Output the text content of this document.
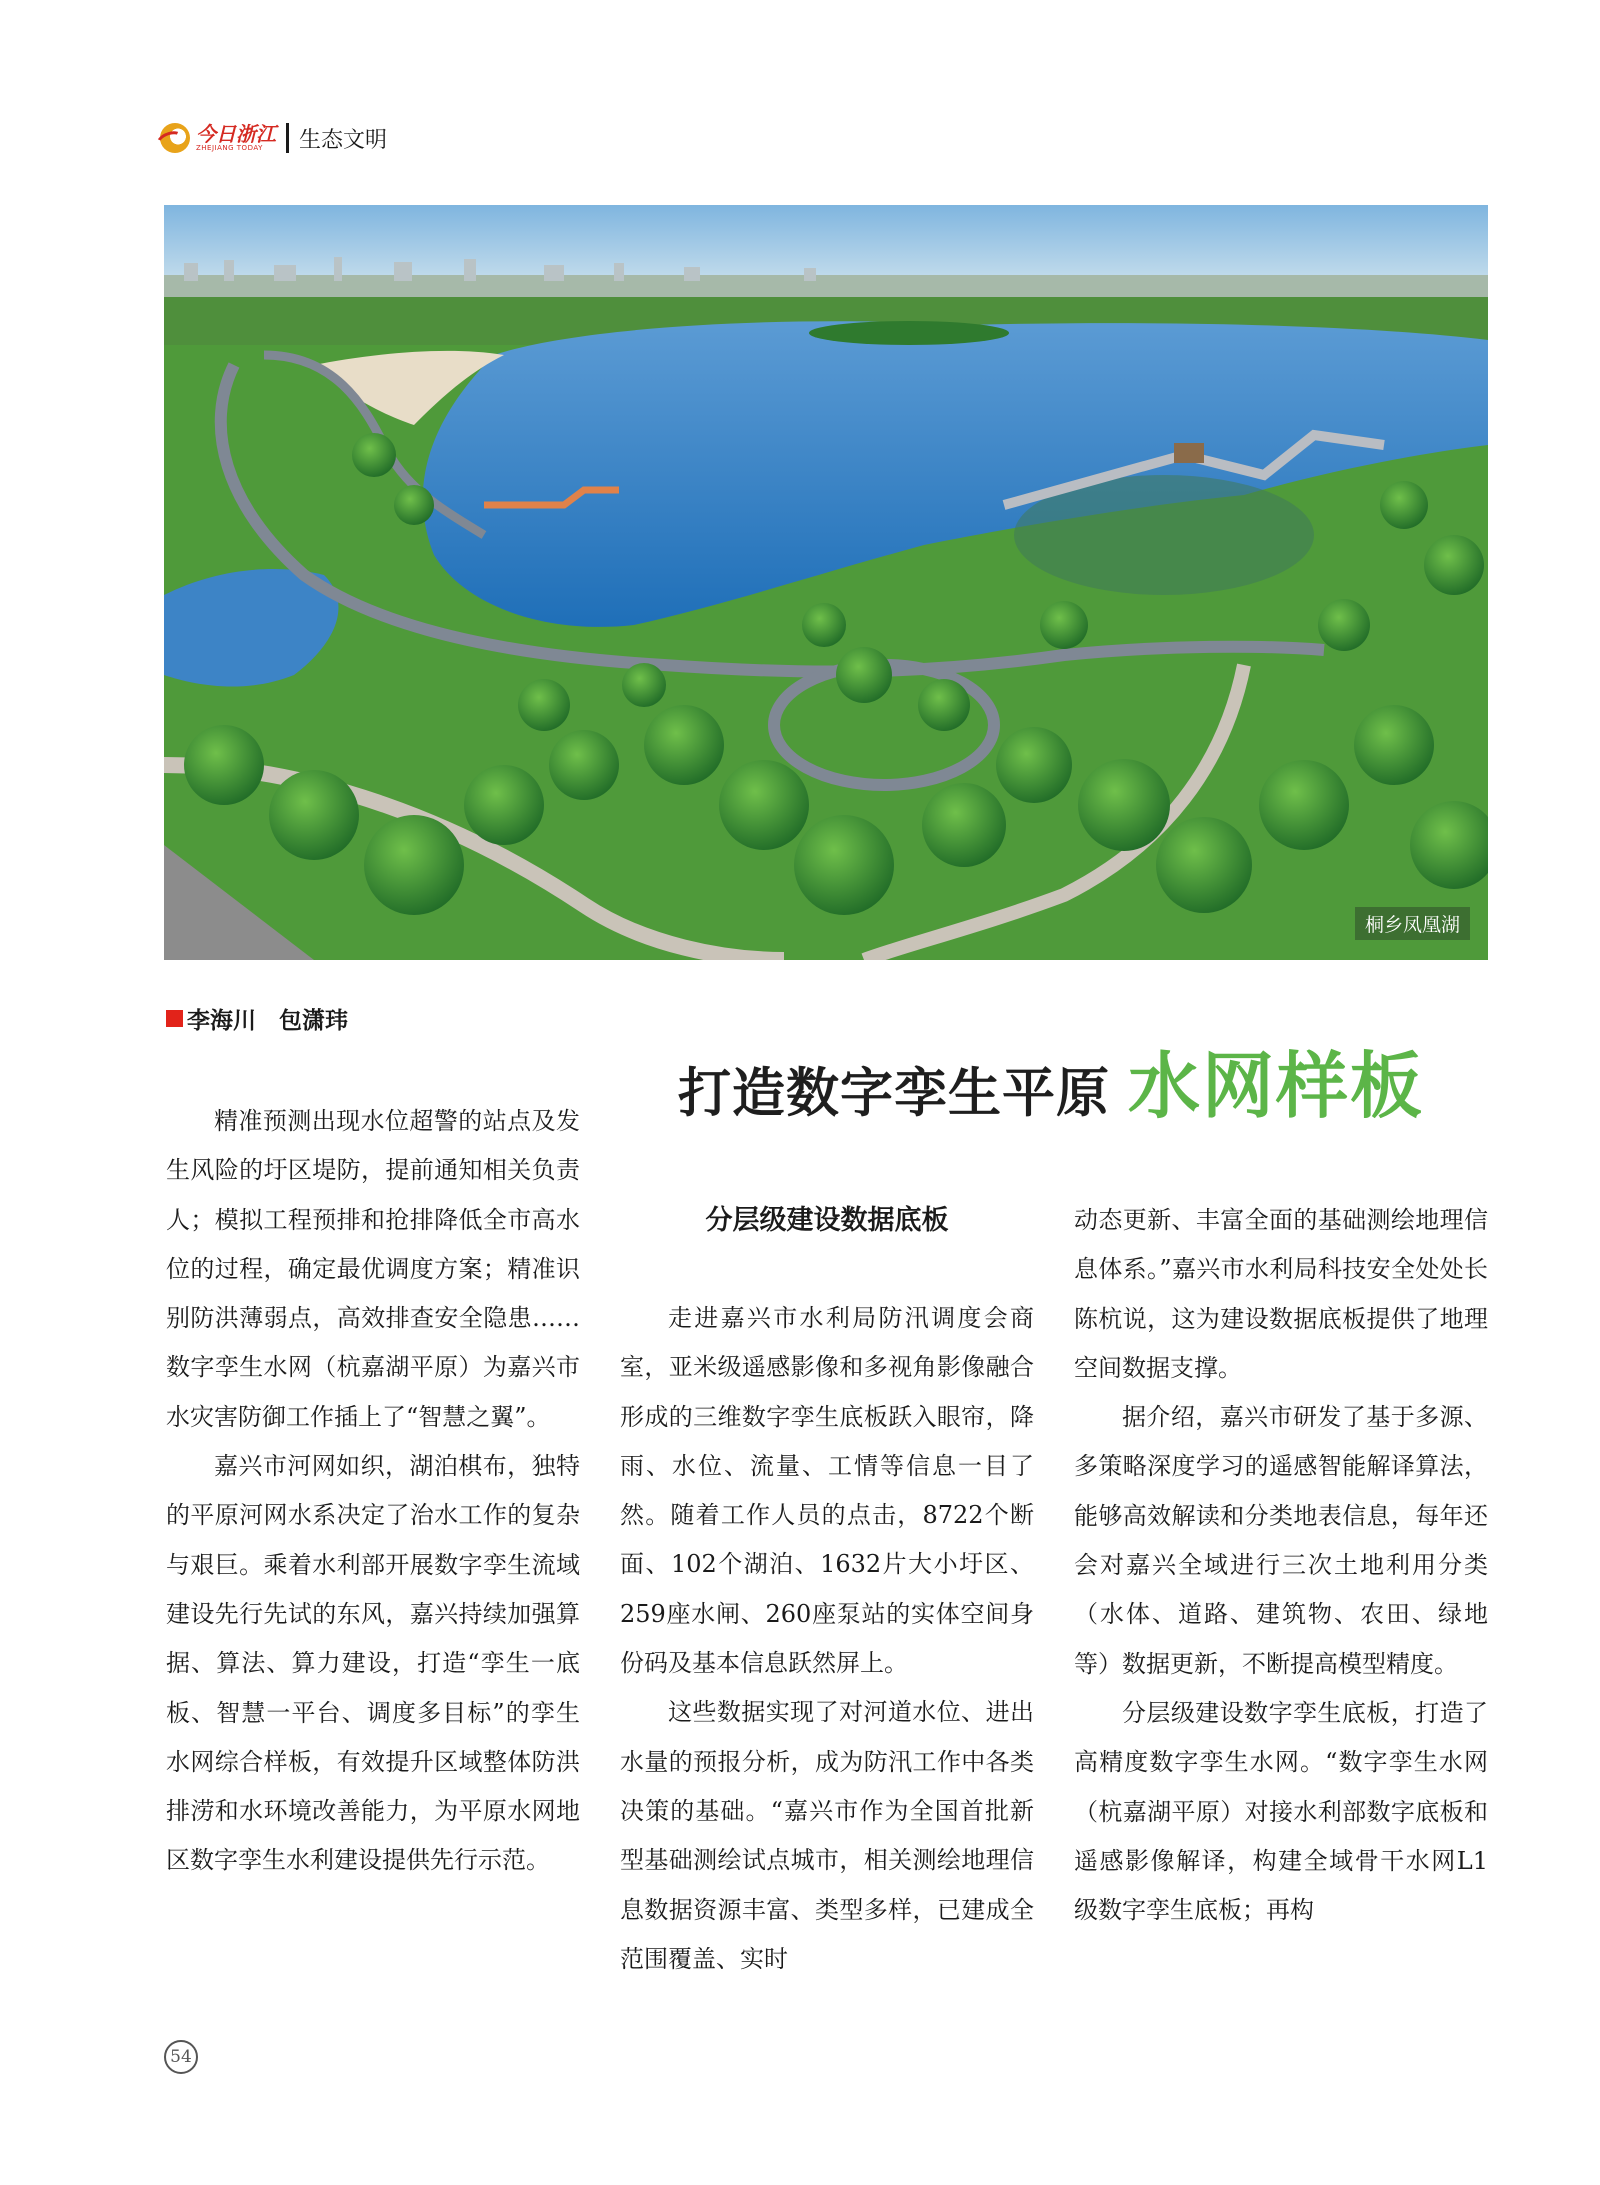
今日浙江
ZHEJIANG TODAY	生态文明
桐乡凤凰湖
李海川　包潇玮
打造数字孪生平原 水网样板

精准预测出现水位超警的站点及发生风险的圩区堤防，提前通知相关负责人；模拟工程预排和抢排降低全市高水位的过程，确定最优调度方案；精准识别防洪薄弱点，高效排查安全隐患……数字孪生水网（杭嘉湖平原）为嘉兴市水灾害防御工作插上了“智慧之翼”。

嘉兴市河网如织，湖泊棋布，独特的平原河网水系决定了治水工作的复杂与艰巨。乘着水利部开展数字孪生流域建设先行先试的东风，嘉兴持续加强算据、算法、算力建设，打造“孪生一底板、智慧一平台、调度多目标”的孪生水网综合样板，有效提升区域整体防洪排涝和水环境改善能力，为平原水网地区数字孪生水利建设提供先行示范。

分层级建设数据底板

走进嘉兴市水利局防汛调度会商室，亚米级遥感影像和多视角影像融合形成的三维数字孪生底板跃入眼帘，降雨、水位、流量、工情等信息一目了然。随着工作人员的点击，8722个断面、102个湖泊、1632片大小圩区、259座水闸、260座泵站的实体空间身份码及基本信息跃然屏上。

这些数据实现了对河道水位、进出水量的预报分析，成为防汛工作中各类决策的基础。“嘉兴市作为全国首批新型基础测绘试点城市，相关测绘地理信息数据资源丰富、类型多样，已建成全范围覆盖、实时

动态更新、丰富全面的基础测绘地理信息体系。”嘉兴市水利局科技安全处处长陈杭说，这为建设数据底板提供了地理空间数据支撑。

据介绍，嘉兴市研发了基于多源、多策略深度学习的遥感智能解译算法，能够高效解读和分类地表信息，每年还会对嘉兴全域进行三次土地利用分类（水体、道路、建筑物、农田、绿地等）数据更新，不断提高模型精度。

分层级建设数字孪生底板，打造了高精度数字孪生水网。“数字孪生水网（杭嘉湖平原）对接水利部数字底板和遥感影像解译，构建全域骨干水网L1级数字孪生底板；再构

54
